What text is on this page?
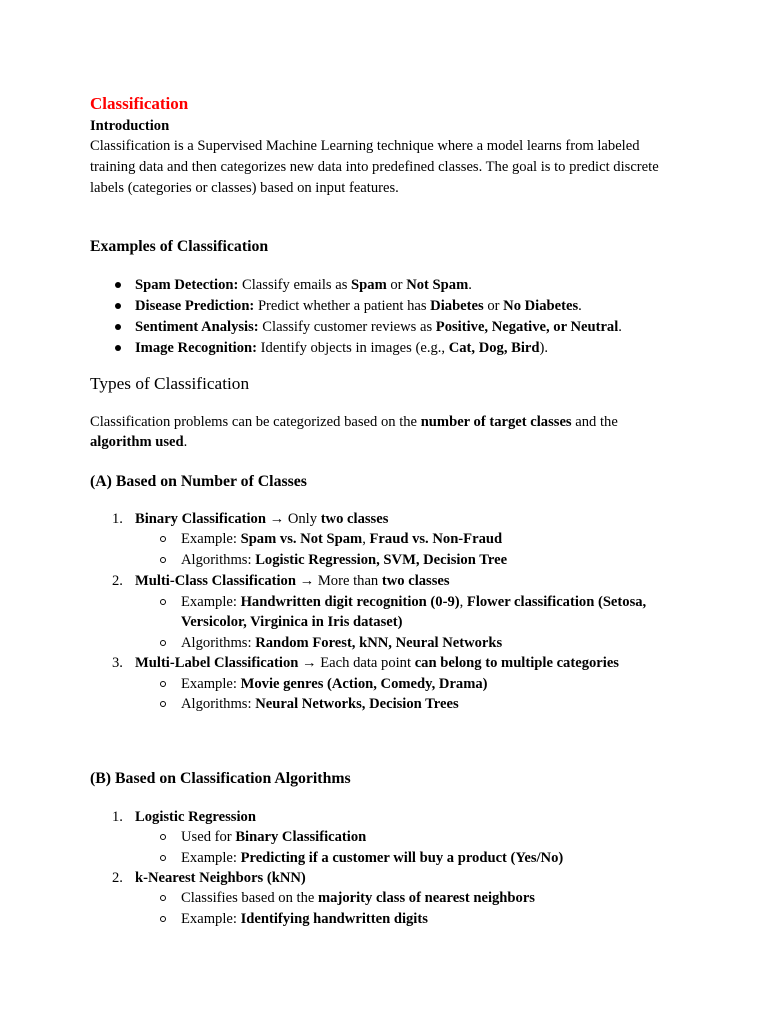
Classification
Introduction
Classification is a Supervised Machine Learning technique where a model learns from labeled
training data and then categorizes new data into predefined classes. The goal is to predict discrete
labels (categories or classes) based on input features.
Examples of Classification
Spam Detection: Classify emails as Spam or Not Spam.
Disease Prediction: Predict whether a patient has Diabetes or No Diabetes.
Sentiment Analysis: Classify customer reviews as Positive, Negative, or Neutral.
Image Recognition: Identify objects in images (e.g., Cat, Dog, Bird).
Types of Classification
Classification problems can be categorized based on the number of target classes and the
algorithm used.
(A) Based on Number of Classes
1. Binary Classification → Only two classes
Example: Spam vs. Not Spam, Fraud vs. Non-Fraud
Algorithms: Logistic Regression, SVM, Decision Tree
2. Multi-Class Classification → More than two classes
Example: Handwritten digit recognition (0-9), Flower classification (Setosa,
Versicolor, Virginica in Iris dataset)
Algorithms: Random Forest, kNN, Neural Networks
3. Multi-Label Classification → Each data point can belong to multiple categories
Example: Movie genres (Action, Comedy, Drama)
Algorithms: Neural Networks, Decision Trees
(B) Based on Classification Algorithms
1. Logistic Regression
Used for Binary Classification
Example: Predicting if a customer will buy a product (Yes/No)
2. k-Nearest Neighbors (kNN)
Classifies based on the majority class of nearest neighbors
Example: Identifying handwritten digits
